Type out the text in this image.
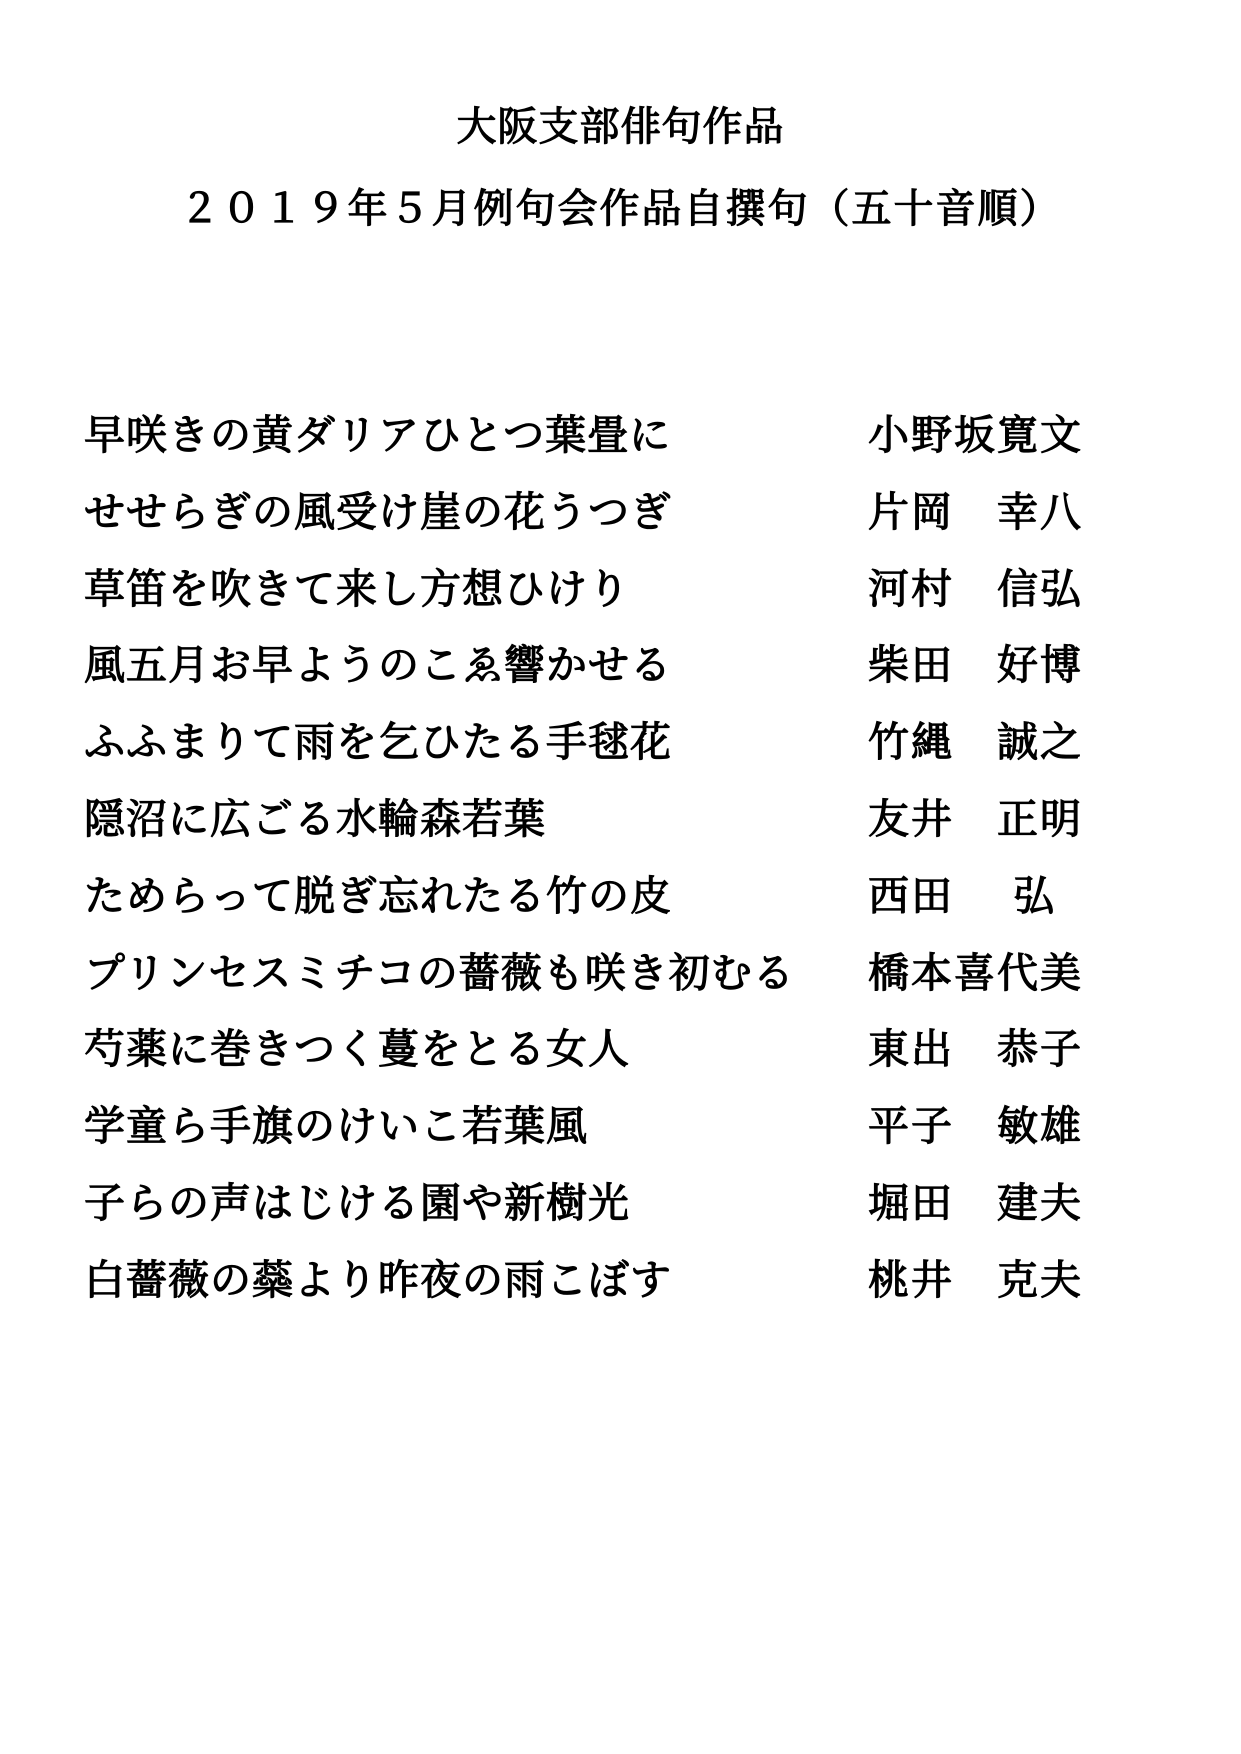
大阪支部俳句作品
２０１９年５月例句会作品自撰句（五十音順）
早咲きの黄ダリアひとつ葉畳に	小野坂寛文
せせらぎの風受け崖の花うつぎ	片岡　幸八
草笛を吹きて来し方想ひけり	河村　信弘
風五月お早ようのこゑ響かせる	柴田　好博
ふふまりて雨を乞ひたる手毬花	竹縄　誠之
隠沼に広ごる水輪森若葉	友井　正明
ためらって脱ぎ忘れたる竹の皮	西田　 弘
プリンセスミチコの薔薇も咲き初むる 橋本喜代美
芍薬に巻きつく蔓をとる女人	東出　恭子
学童ら手旗のけいこ若葉風	平子　敏雄
子らの声はじける園や新樹光	堀田　建夫
白薔薇の蘂より昨夜の雨こぼす	桃井　克夫
